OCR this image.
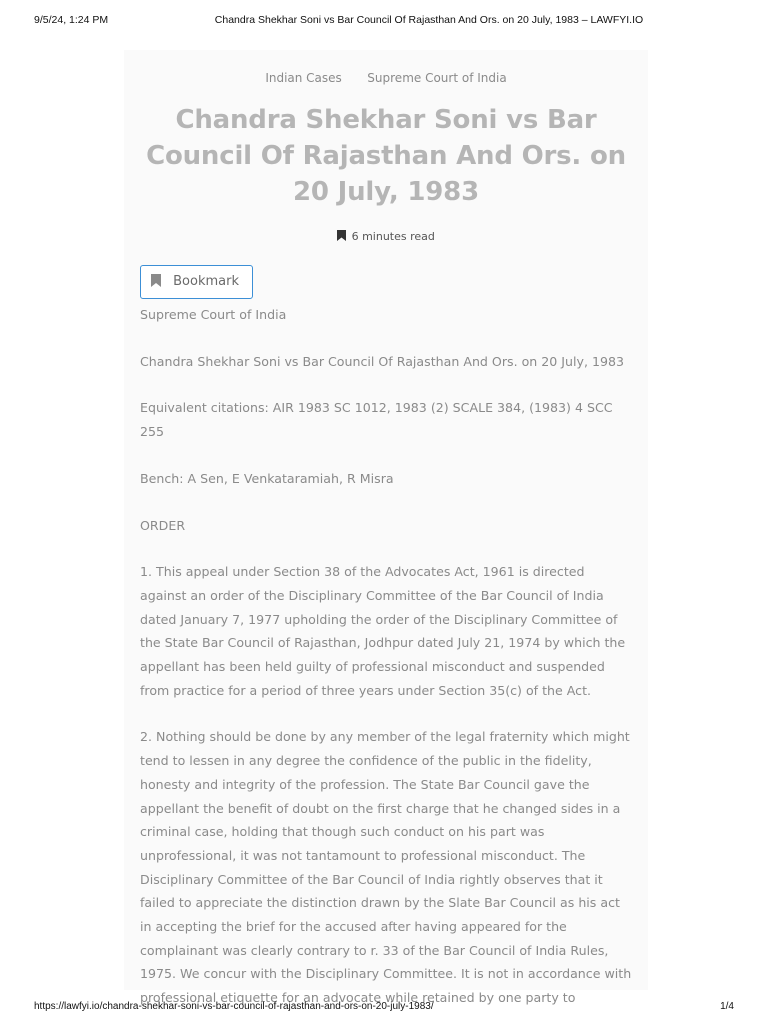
9/5/24, 1:24 PM	Chandra Shekhar Soni vs Bar Council Of Rajasthan And Ors. on 20 July, 1983 – LAWFYI.IO
Indian Cases Supreme Court of India
Chandra Shekhar Soni vs Bar Council Of Rajasthan And Ors. on 20 July, 1983
6 minutes read
Bookmark

Supreme Court of India

Chandra Shekhar Soni vs Bar Council Of Rajasthan And Ors. on 20 July, 1983

Equivalent citations: AIR 1983 SC 1012, 1983 (2) SCALE 384, (1983) 4 SCC 255

Bench: A Sen, E Venkataramiah, R Misra

ORDER

1. This appeal under Section 38 of the Advocates Act, 1961 is directed against an order of the Disciplinary Committee of the Bar Council of India dated January 7, 1977 upholding the order of the Disciplinary Committee of the State Bar Council of Rajasthan, Jodhpur dated July 21, 1974 by which the appellant has been held guilty of professional misconduct and suspended from practice for a period of three years under Section 35(c) of the Act.

2. Nothing should be done by any member of the legal fraternity which might tend to lessen in any degree the confidence of the public in the fidelity, honesty and integrity of the profession. The State Bar Council gave the appellant the benefit of doubt on the first charge that he changed sides in a criminal case, holding that though such conduct on his part was unprofessional, it was not tantamount to professional misconduct. The Disciplinary Committee of the Bar Council of India rightly observes that it failed to appreciate the distinction drawn by the Slate Bar Council as his act in accepting the brief for the accused after having appeared for the complainant was clearly contrary to r. 33 of the Bar Council of India Rules, 1975. We concur with the Disciplinary Committee. It is not in accordance with professional etiquette for an advocate while retained by one party to

https://lawfyi.io/chandra-shekhar-soni-vs-bar-council-of-rajasthan-and-ors-on-20-july-1983/	1/4
